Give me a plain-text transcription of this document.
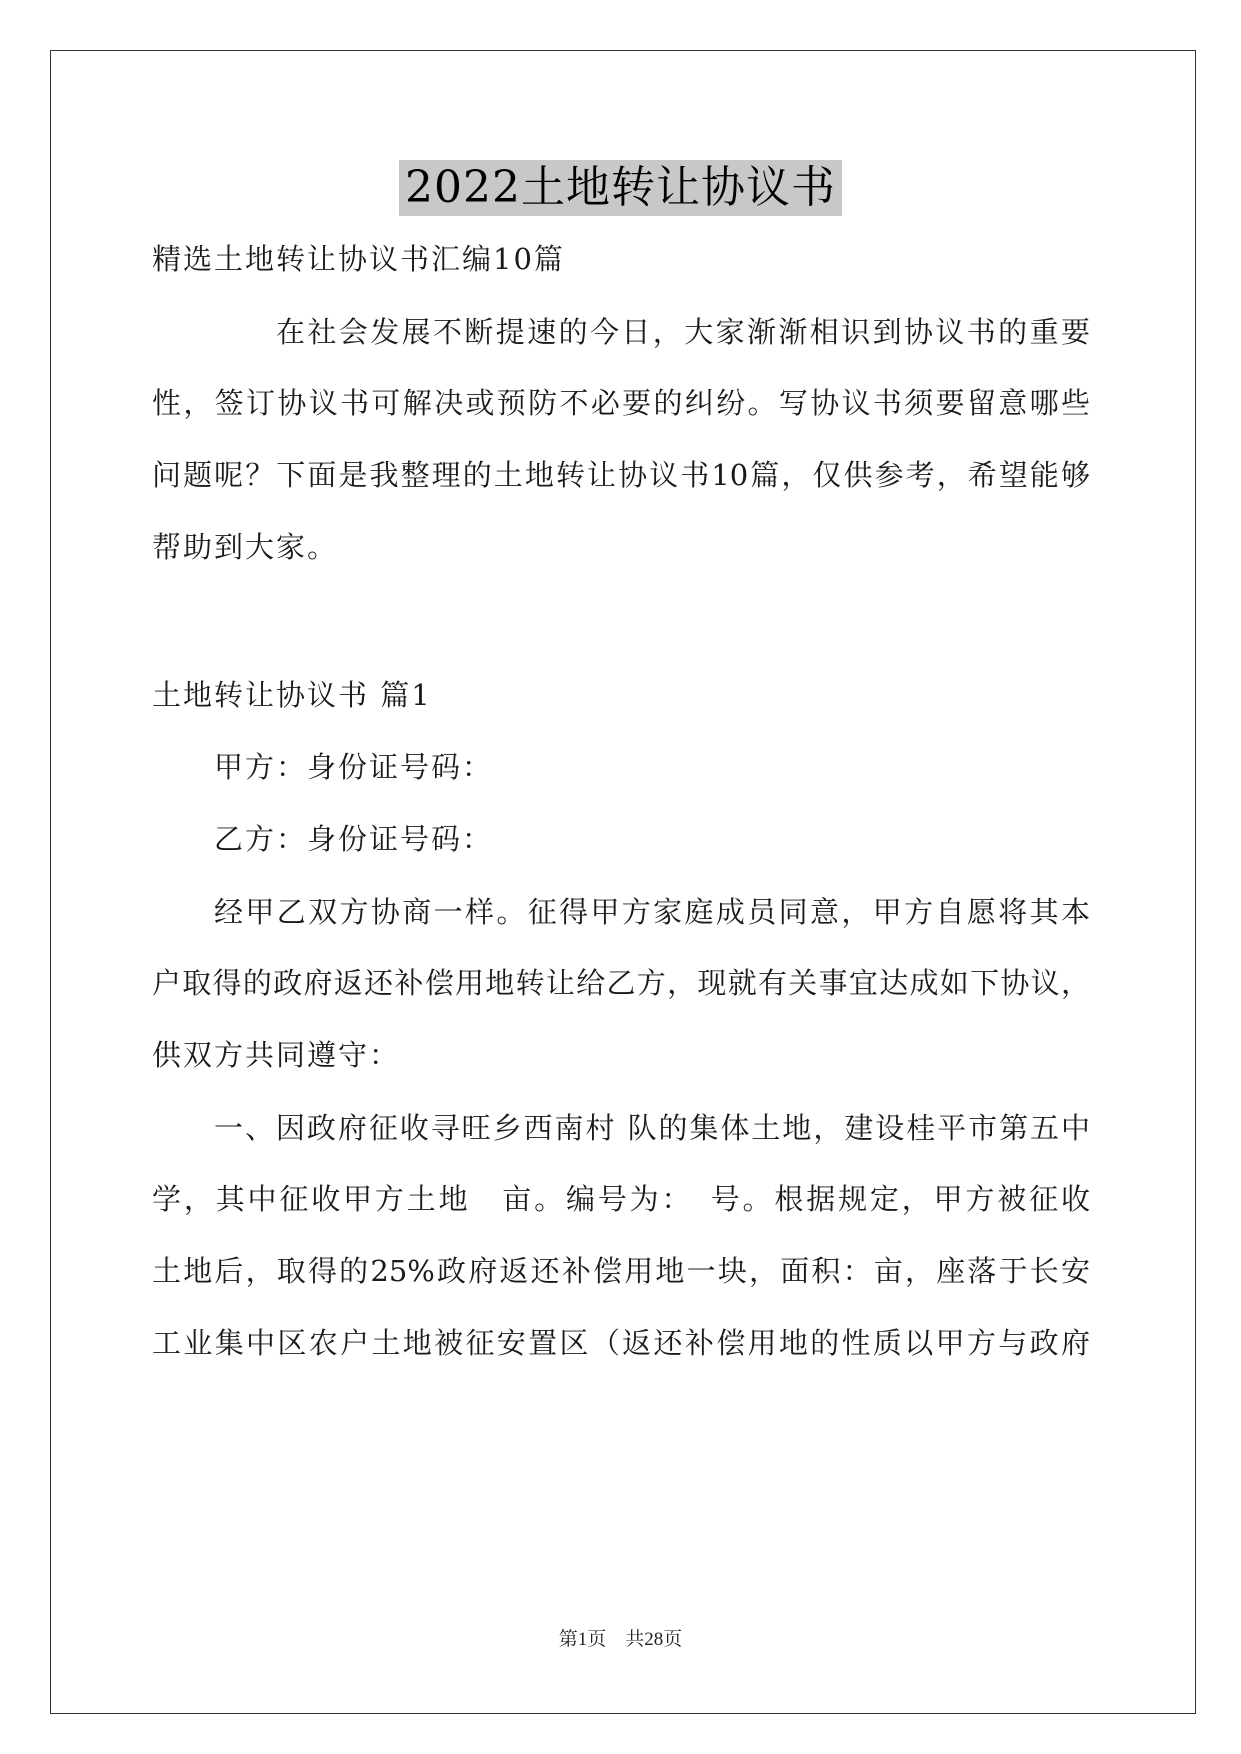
2022土地转让协议书
精选土地转让协议书汇编10篇
在社会发展不断提速的今日，大家渐渐相识到协议书的重要
性，签订协议书可解决或预防不必要的纠纷。写协议书须要留意哪些
问题呢？下面是我整理的土地转让协议书10篇，仅供参考，希望能够
帮助到大家。
土地转让协议书 篇1
甲方：身份证号码：
乙方：身份证号码：
经甲乙双方协商一样。征得甲方家庭成员同意，甲方自愿将其本
户取得的政府返还补偿用地转让给乙方，现就有关事宜达成如下协议，
供双方共同遵守：
一、因政府征收寻旺乡西南村 队的集体土地，建设桂平市第五中
学，其中征收甲方土地　亩。编号为：　号。根据规定，甲方被征收
土地后，取得的25%政府返还补偿用地一块，面积：亩，座落于长安
工业集中区农户土地被征安置区（返还补偿用地的性质以甲方与政府
第1页　共28页
